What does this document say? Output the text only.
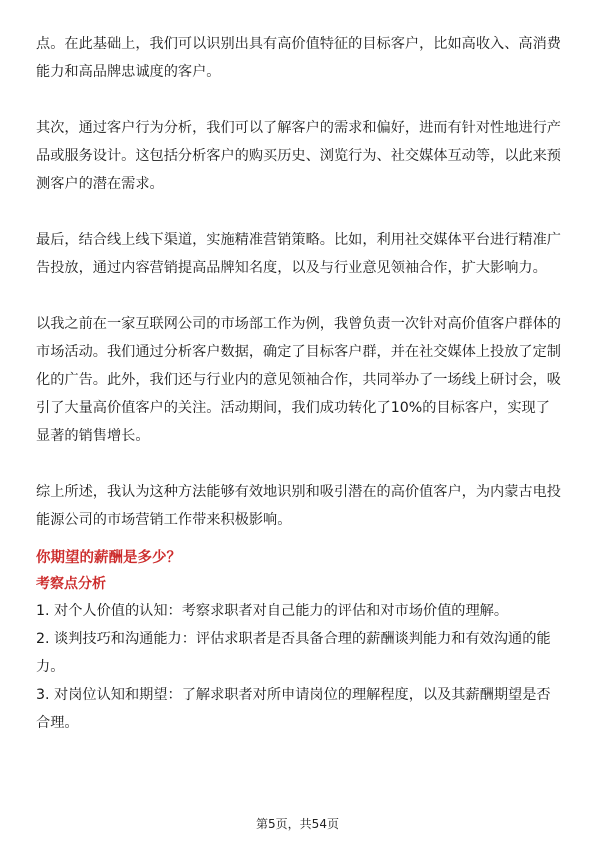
点。在此基础上，我们可以识别出具有高价值特征的目标客户，比如高收入、高消费能力和高品牌忠诚度的客户。

其次，通过客户行为分析，我们可以了解客户的需求和偏好，进而有针对性地进行产品或服务设计。这包括分析客户的购买历史、浏览行为、社交媒体互动等，以此来预测客户的潜在需求。

最后，结合线上线下渠道，实施精准营销策略。比如，利用社交媒体平台进行精准广告投放，通过内容营销提高品牌知名度，以及与行业意见领袖合作，扩大影响力。

以我之前在一家互联网公司的市场部工作为例，我曾负责一次针对高价值客户群体的市场活动。我们通过分析客户数据，确定了目标客户群，并在社交媒体上投放了定制化的广告。此外，我们还与行业内的意见领袖合作，共同举办了一场线上研讨会，吸引了大量高价值客户的关注。活动期间，我们成功转化了10%的目标客户，实现了显著的销售增长。

综上所述，我认为这种方法能够有效地识别和吸引潜在的高价值客户，为内蒙古电投能源公司的市场营销工作带来积极影响。

你期望的薪酬是多少？
考察点分析

1. 对个人价值的认知：考察求职者对自己能力的评估和对市场价值的理解。

2. 谈判技巧和沟通能力：评估求职者是否具备合理的薪酬谈判能力和有效沟通的能力。

3. 对岗位认知和期望：了解求职者对所申请岗位的理解程度，以及其薪酬期望是否合理。

第5页，共54页
